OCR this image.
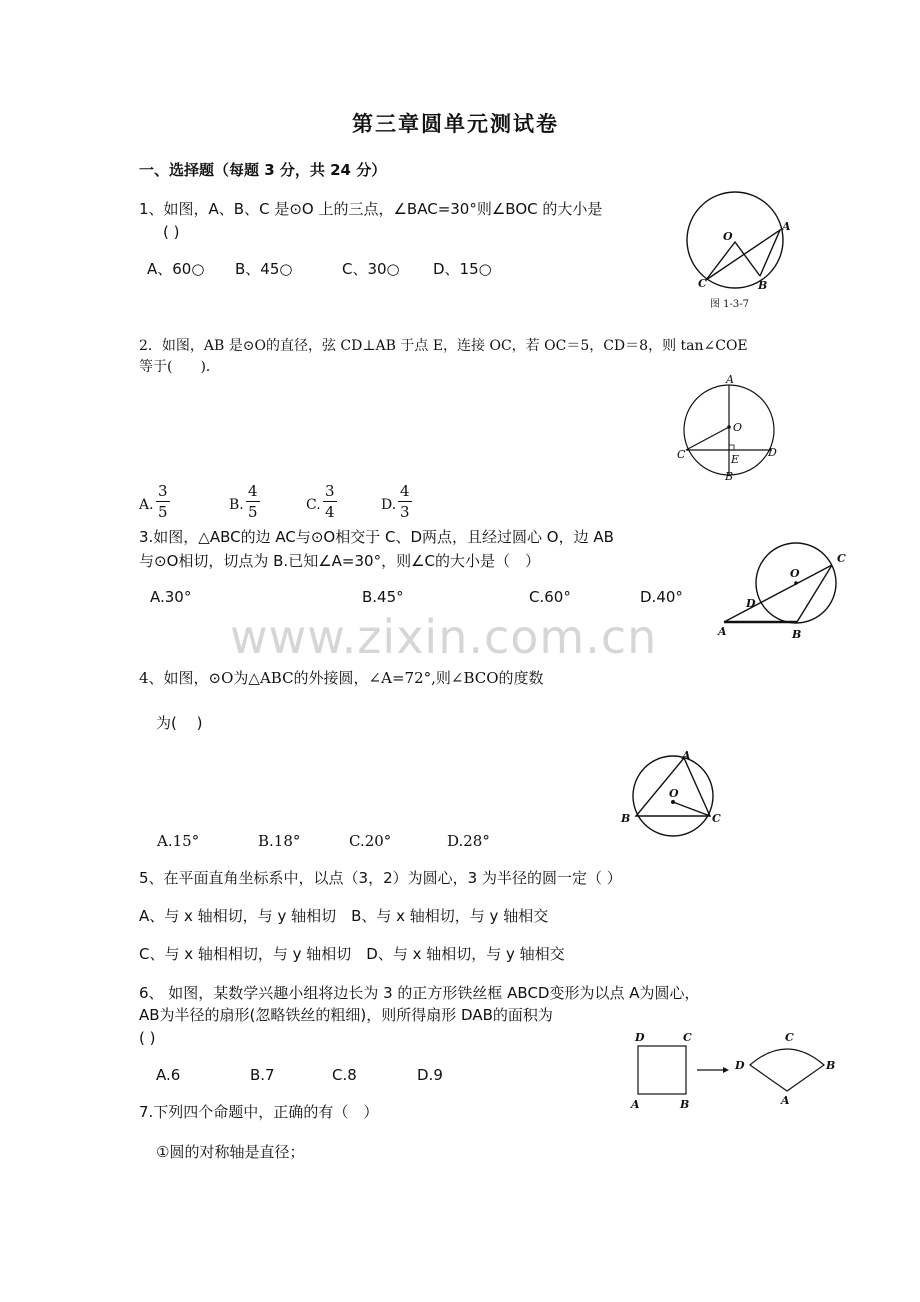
第三章圆单元测试卷
一、选择题（每题 3 分，共 24 分）
1、如图，A、B、C 是⊙O 上的三点，∠BAC=30°则∠BOC 的大小是
( )
A、60○ B、45○	C、30○ D、15○
O
A
B
C
图 1-3-7
2．如图，AB 是⊙O的直径，弦 CD⊥AB 于点 E，连接 OC，若 OC＝5，CD＝8，则 tan∠COE
等于(　　)．
A
O
C	E
D
B
A. $\frac{3}{5}$	B. $\frac{4}{5}$	C. $\frac{3}{4}$	D. $\frac{4}{3}$
3.如图，△ABC的边 AC与⊙O相交于 C、D两点，且经过圆心 O，边 AB
与⊙O相切，切点为 B.已知∠A=30°，则∠C的大小是（　）
A.30°	B.45°	C.60°	D.40°
C
O
D
A	B
www.zixin.com.cn
4、如图，⊙O为△ABC的外接圆，∠A=72°,则∠BCO的度数
为(　 )
A.15°	B.18°	C.20°	D.28°
A
O
B	C
5、在平面直角坐标系中，以点（3，2）为圆心，3 为半径的圆一定（ ）
A、与 x 轴相切，与 y 轴相切　B、与 x 轴相切，与 y 轴相交
C、与 x 轴相相切，与 y 轴相切　D、与 x 轴相切，与 y 轴相交
6、 如图，某数学兴趣小组将边长为 3 的正方形铁丝框 ABCD变形为以点 A为圆心，
AB为半径的扇形(忽略铁丝的粗细)，则所得扇形 DAB的面积为
( )
A.6	B.7	C.8	D.9
D	C
A	B
D
C
B
A
7.下列四个命题中，正确的有（　）
①圆的对称轴是直径；
